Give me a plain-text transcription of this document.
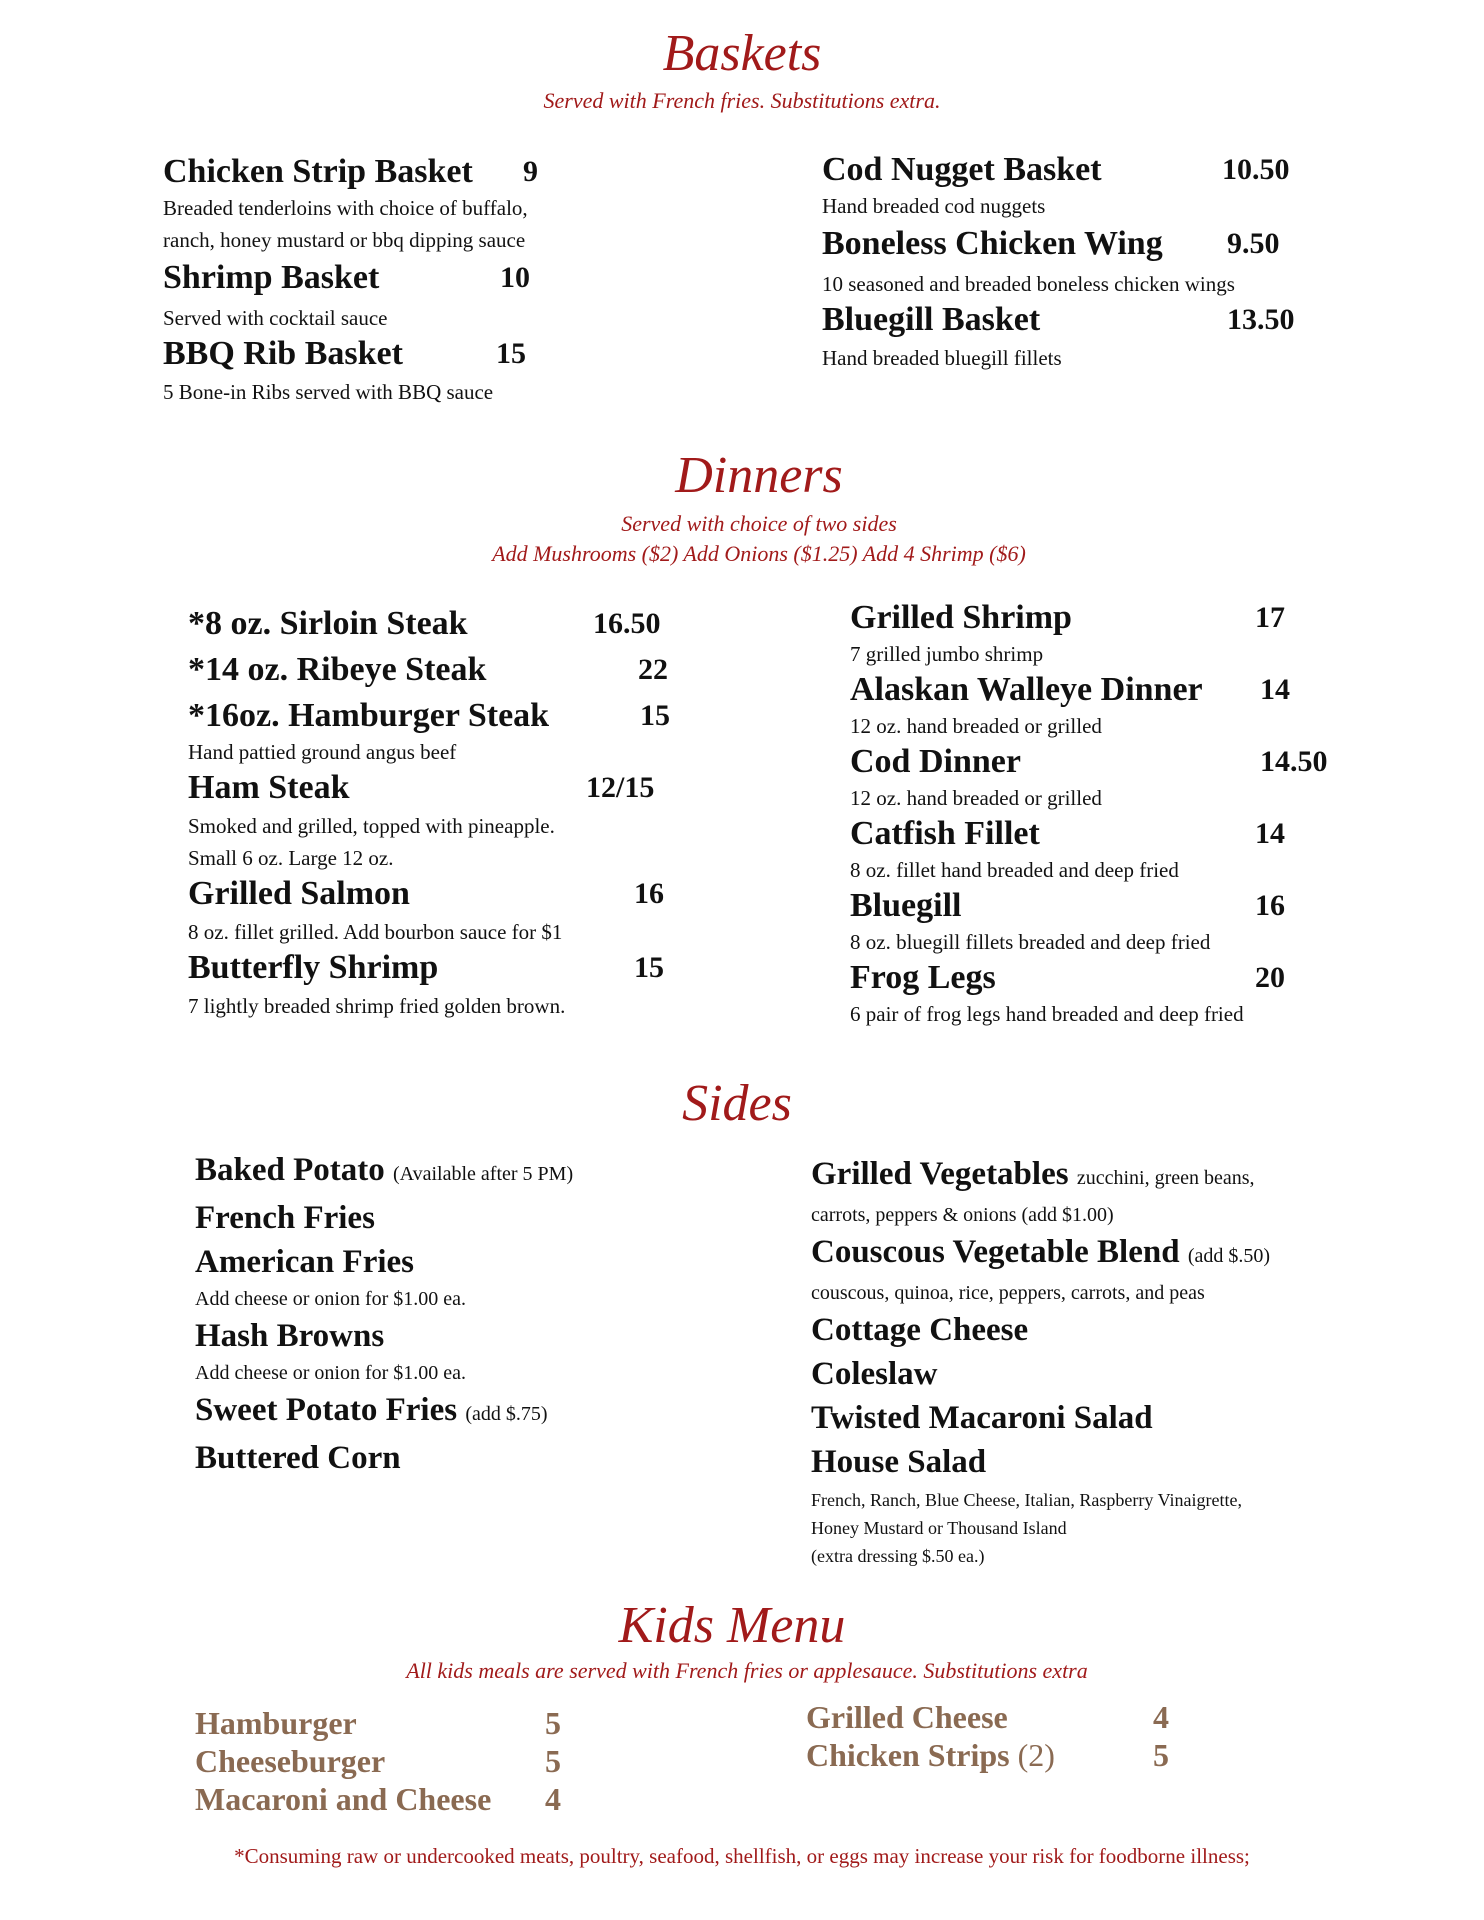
Baskets
Served with French fries. Substitutions extra.
Chicken Strip Basket 9
Breaded tenderloins with choice of buffalo,
ranch, honey mustard or bbq dipping sauce
Shrimp Basket	10
Served with cocktail sauce
BBQ Rib Basket	15
5 Bone-in Ribs served with BBQ sauce
Cod Nugget Basket	10.50
Hand breaded cod nuggets
Boneless Chicken Wing 9.50
10 seasoned and breaded boneless chicken wings
Bluegill Basket	13.50
Hand breaded bluegill fillets
Dinners
Served with choice of two sides
Add Mushrooms ($2) Add Onions ($1.25) Add 4 Shrimp ($6)
*8 oz. Sirloin Steak	16.50
*14 oz. Ribeye Steak	22
*16oz. Hamburger Steak	15
Hand pattied ground angus beef
Ham Steak	12/15
Smoked and grilled, topped with pineapple.
Small 6 oz. Large 12 oz.
Grilled Salmon	16
8 oz. fillet grilled. Add bourbon sauce for $1
Butterfly Shrimp	15
7 lightly breaded shrimp fried golden brown.
Grilled Shrimp	17
7 grilled jumbo shrimp
Alaskan Walleye Dinner 14
12 oz. hand breaded or grilled
Cod Dinner	14.50
12 oz. hand breaded or grilled
Catfish Fillet	14
8 oz. fillet hand breaded and deep fried
Bluegill	16
8 oz. bluegill fillets breaded and deep fried
Frog Legs	20
6 pair of frog legs hand breaded and deep fried
Sides
Baked Potato (Available after 5 PM)
French Fries
American Fries
Add cheese or onion for $1.00 ea.
Hash Browns
Add cheese or onion for $1.00 ea.
Sweet Potato Fries (add $.75)
Buttered Corn
Grilled Vegetables zucchini, green beans,
carrots, peppers & onions (add $1.00)
Couscous Vegetable Blend (add $.50)
couscous, quinoa, rice, peppers, carrots, and peas
Cottage Cheese
Coleslaw
Twisted Macaroni Salad
House Salad
French, Ranch, Blue Cheese, Italian, Raspberry Vinaigrette,
Honey Mustard or Thousand Island
(extra dressing $.50 ea.)
Kids Menu
All kids meals are served with French fries or applesauce. Substitutions extra
Hamburger	5
Cheeseburger	5
Macaroni and Cheese 4
Grilled Cheese	4
Chicken Strips (2)	5
*Consuming raw or undercooked meats, poultry, seafood, shellfish, or eggs may increase your risk for foodborne illness;
